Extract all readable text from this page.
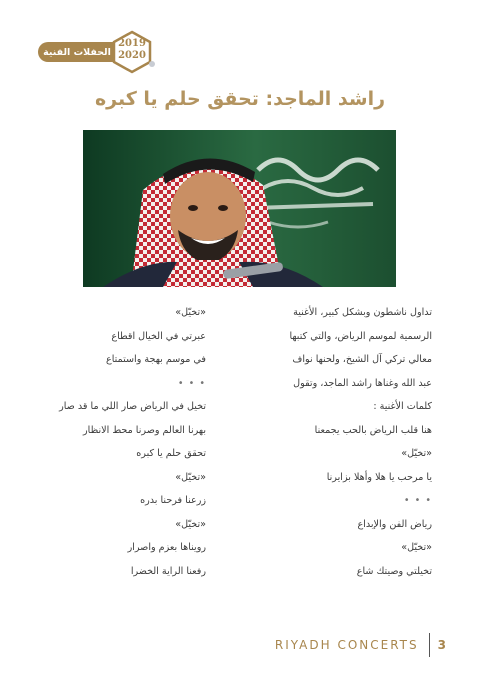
الحفلات الفنية
2019
2020
راشد الماجد: تحقق حلم يا كبره
تداول ناشطون وبشكل كبير، الأغنية
الرسمية لموسم الرياض، والتي كتبها
معالي تركي آل الشيخ، ولحنها نواف
عبد الله وغناها راشد الماجد، وتقول
كلمات الأغنية :
هنا قلب الرياض بالحب يجمعنا
«تخيّل»
يا مرحب يا هلا وأهلا بزايرنا
• • •
رياض الفن والإبداع
«تخيّل»
تخيلتي وصيتك شاع
«تخيّل»
عبرتي في الخيال اقطاع
في موسم بهجة واستمتاع
• • •
تخيل في الرياض صار اللي ما قد صار
بهرنا العالم وصرنا محط الانظار
تحقق حلم يا كبره
«تخيّل»
زرعنا فرحنا بدره
«تخيّل»
رويناها بعزم واصرار
رفعنا الراية الخضرا
RIYADH CONCERTS 3
